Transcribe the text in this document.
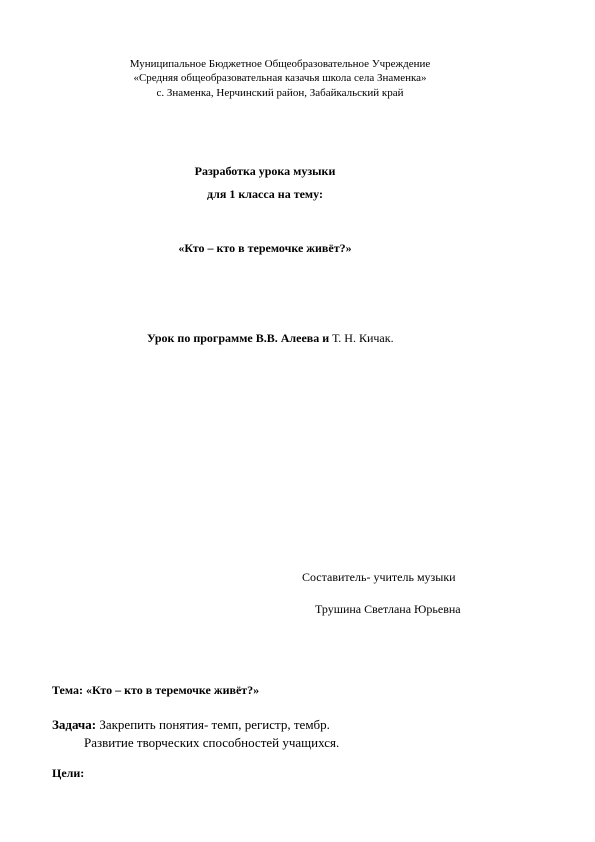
Муниципальное Бюджетное Общеобразовательное Учреждение
«Средняя общеобразовательная казачья школа села Знаменка»
с. Знаменка, Нерчинский район, Забайкальский край
Разработка урока музыки
для 1 класса на тему:
«Кто – кто в теремочке живёт?»
Урок по программе В.В. Алеева и Т. Н. Кичак.
Составитель- учитель музыки
Трушина Светлана Юрьевна
Тема: «Кто – кто в теремочке живёт?»
Задача: Закрепить понятия- темп, регистр, тембр.
Развитие творческих способностей учащихся.
Цели:
